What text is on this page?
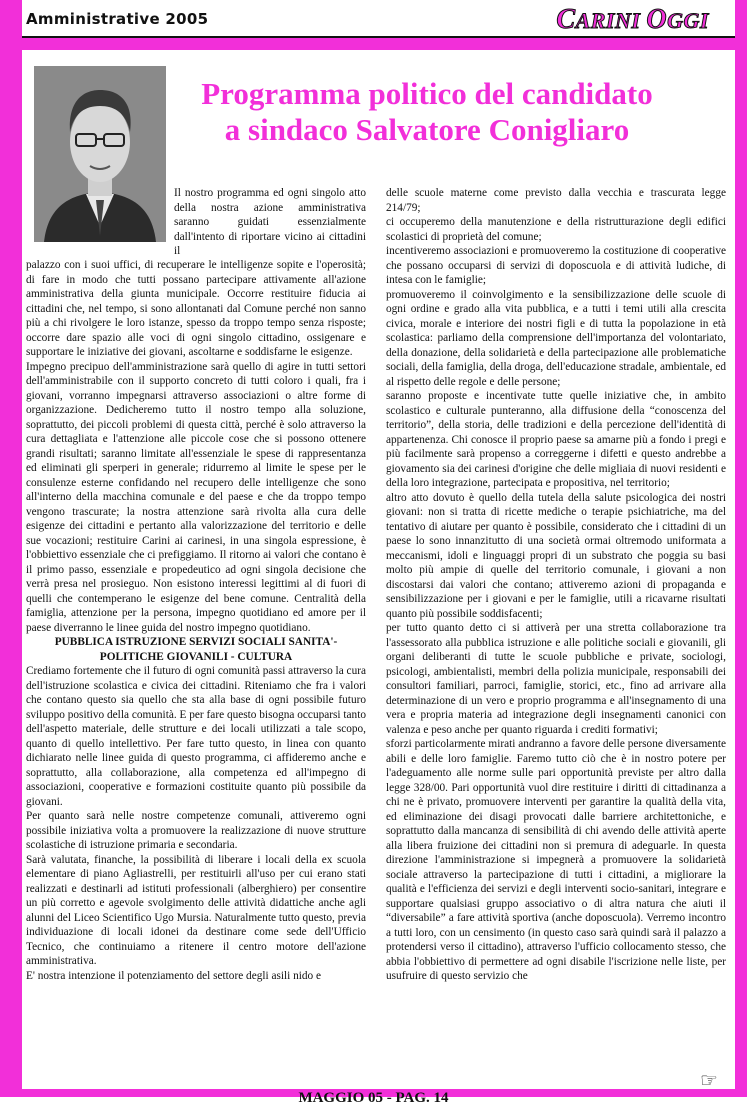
Amministrative 2005	CARINI OGGI
Programma politico del candidato
a sindaco Salvatore Conigliaro

Il nostro programma ed ogni singolo atto della nostra azione amministrativa saranno guidati essenzialmente dall'intento di riportare vicino ai cittadini il

palazzo con i suoi uffici, di recuperare le intelligenze sopite e l'operosità; di fare in modo che tutti possano partecipare attivamente all'azione amministrativa della giunta municipale. Occorre restituire fiducia ai cittadini che, nel tempo, si sono allontanati dal Comune perché non sanno più a chi rivolgere le loro istanze, spesso da troppo tempo senza risposte; occorre dare spazio alle voci di ogni singolo cittadino, ossigenare e supportare le iniziative dei giovani, ascoltarne e soddisfarne le esigenze.

Impegno precipuo dell'amministrazione sarà quello di agire in tutti settori dell'amministrabile con il supporto concreto di tutti coloro i quali, fra i giovani, vorranno impegnarsi attraverso associazioni o altre forme di organizzazione. Dedicheremo tutto il nostro tempo alla soluzione, soprattutto, dei piccoli problemi di questa città, perché è solo attraverso la cura dettagliata e l'attenzione alle piccole cose che si possono ottenere grandi risultati; saranno limitate all'essenziale le spese di rappresentanza ed eliminati gli sperperi in generale; ridurremo al limite le spese per le consulenze esterne confidando nel recupero delle intelligenze che sono all'interno della macchina comunale e del paese e che da troppo tempo vengono trascurate; la nostra attenzione sarà rivolta alla cura delle esigenze dei cittadini e pertanto alla valorizzazione del territorio e delle sue vocazioni; restituire Carini ai carinesi, in una singola espressione, è l'obbiettivo essenziale che ci prefiggiamo. Il ritorno ai valori che contano è il primo passo, essenziale e propedeutico ad ogni singola decisione che verrà presa nel prosieguo. Non esistono interessi legittimi al di fuori di quelli che contemperano le esigenze del bene comune. Centralità della famiglia, attenzione per la persona, impegno quotidiano ed amore per il paese diverranno le linee guida del nostro impegno quotidiano.

PUBBLICA ISTRUZIONE SERVIZI SOCIALI SANITA'-

POLITICHE GIOVANILI - CULTURA

Crediamo fortemente che il futuro di ogni comunità passi attraverso la cura dell'istruzione scolastica e civica dei cittadini. Riteniamo che fra i valori che contano questo sia quello che sta alla base di ogni possibile futuro sviluppo positivo della comunità. E per fare questo bisogna occuparsi tanto dell'aspetto materiale, delle strutture e dei locali utilizzati a tale scopo, quanto di quello intellettivo. Per fare tutto questo, in linea con quanto dichiarato nelle linee guida di questo programma, ci affideremo anche e soprattutto, alla collaborazione, alla competenza ed all'impegno di associazioni, cooperative e formazioni costituite quanto più possibile da giovani.

Per quanto sarà nelle nostre competenze comunali, attiveremo ogni possibile iniziativa volta a promuovere la realizzazione di nuove strutture scolastiche di istruzione primaria e secondaria.

Sarà valutata, finanche, la possibilità di liberare i locali della ex scuola elementare di piano Agliastrelli, per restituirli all'uso per cui erano stati realizzati e destinarli ad istituti professionali (alberghiero) per consentire un più corretto e agevole svolgimento delle attività didattiche anche agli alunni del Liceo Scientifico Ugo Mursia. Naturalmente tutto questo, previa individuazione di locali idonei da destinare come sede dell'Ufficio Tecnico, che continuiamo a ritenere il centro motore dell'azione amministrativa.

E' nostra intenzione il potenziamento del settore degli asili nido e

delle scuole materne come previsto dalla vecchia e trascurata legge 214/79;

ci occuperemo della manutenzione e della ristrutturazione degli edifici scolastici di proprietà del comune;

incentiveremo associazioni e promuoveremo la costituzione di cooperative che possano occuparsi di servizi di doposcuola e di attività ludiche, di intesa con le famiglie;

promuoveremo il coinvolgimento e la sensibilizzazione delle scuole di ogni ordine e grado alla vita pubblica, e a tutti i temi utili alla crescita civica, morale e interiore dei nostri figli e di tutta la popolazione in età scolastica: parliamo della comprensione dell'importanza del volontariato, della donazione, della solidarietà e della partecipazione alle problematiche sociali, della famiglia, della droga, dell'educazione stradale, ambientale, ed al rispetto delle regole e delle persone;

saranno proposte e incentivate tutte quelle iniziative che, in ambito scolastico e culturale punteranno, alla diffusione della “conoscenza del territorio”, della storia, delle tradizioni e della percezione dell'identità di appartenenza. Chi conosce il proprio paese sa amarne più a fondo i pregi e più facilmente sarà propenso a correggerne i difetti e questo andrebbe a giovamento sia dei carinesi d'origine che delle migliaia di nuovi residenti e della loro integrazione, partecipata e propositiva, nel territorio;

altro atto dovuto è quello della tutela della salute psicologica dei nostri giovani: non si tratta di ricette mediche o terapie psichiatriche, ma del tentativo di aiutare per quanto è possibile, considerato che i cittadini di un paese lo sono innanzitutto di una società ormai oltremodo uniformata a meccanismi, idoli e linguaggi propri di un substrato che poggia su basi molto più ampie di quelle del territorio comunale, i giovani a non discostarsi dai valori che contano; attiveremo azioni di propaganda e sensibilizzazione per i giovani e per le famiglie, utili a ricavarne risultati quanto più possibile soddisfacenti;

per tutto quanto detto ci si attiverà per una stretta collaborazione tra l'assessorato alla pubblica istruzione e alle politiche sociali e giovanili, gli organi deliberanti di tutte le scuole pubbliche e private, sociologi, psicologi, ambientalisti, membri della polizia municipale, responsabili dei consultori familiari, parroci, famiglie, storici, etc., fino ad arrivare alla determinazione di un vero e proprio programma e all'insegnamento di una vera e propria materia ad integrazione degli insegnamenti canonici con valenza e peso anche per quanto riguarda i crediti formativi;

sforzi particolarmente mirati andranno a favore delle persone diversamente abili e delle loro famiglie. Faremo tutto ciò che è in nostro potere per l'adeguamento alle norme sulle pari opportunità previste per altro dalla legge 328/00. Pari opportunità vuol dire restituire i diritti di cittadinanza a chi ne è privato, promuovere interventi per garantire la qualità della vita, ed eliminazione dei disagi provocati dalle barriere architettoniche, e soprattutto dalla mancanza di sensibilità di chi avendo delle attività aperte alla libera fruizione dei cittadini non si premura di adeguarle. In questa direzione l'amministrazione si impegnerà a promuovere la solidarietà sociale attraverso la partecipazione di tutti i cittadini, a migliorare la qualità e l'efficienza dei servizi e degli interventi socio-sanitari, integrare e supportare qualsiasi gruppo associativo o di altra natura che aiuti il “diversabile” a fare attività sportiva (anche doposcuola). Verremo incontro a tutti loro, con un censimento (in questo caso sarà quindi sarà il palazzo a protendersi verso il cittadino), attraverso l'ufficio collocamento stesso, che abbia l'obbiettivo di permettere ad ogni disabile l'iscrizione nelle liste, per usufruire di questo servizio che

☞
MAGGIO 05 - PAG. 14
